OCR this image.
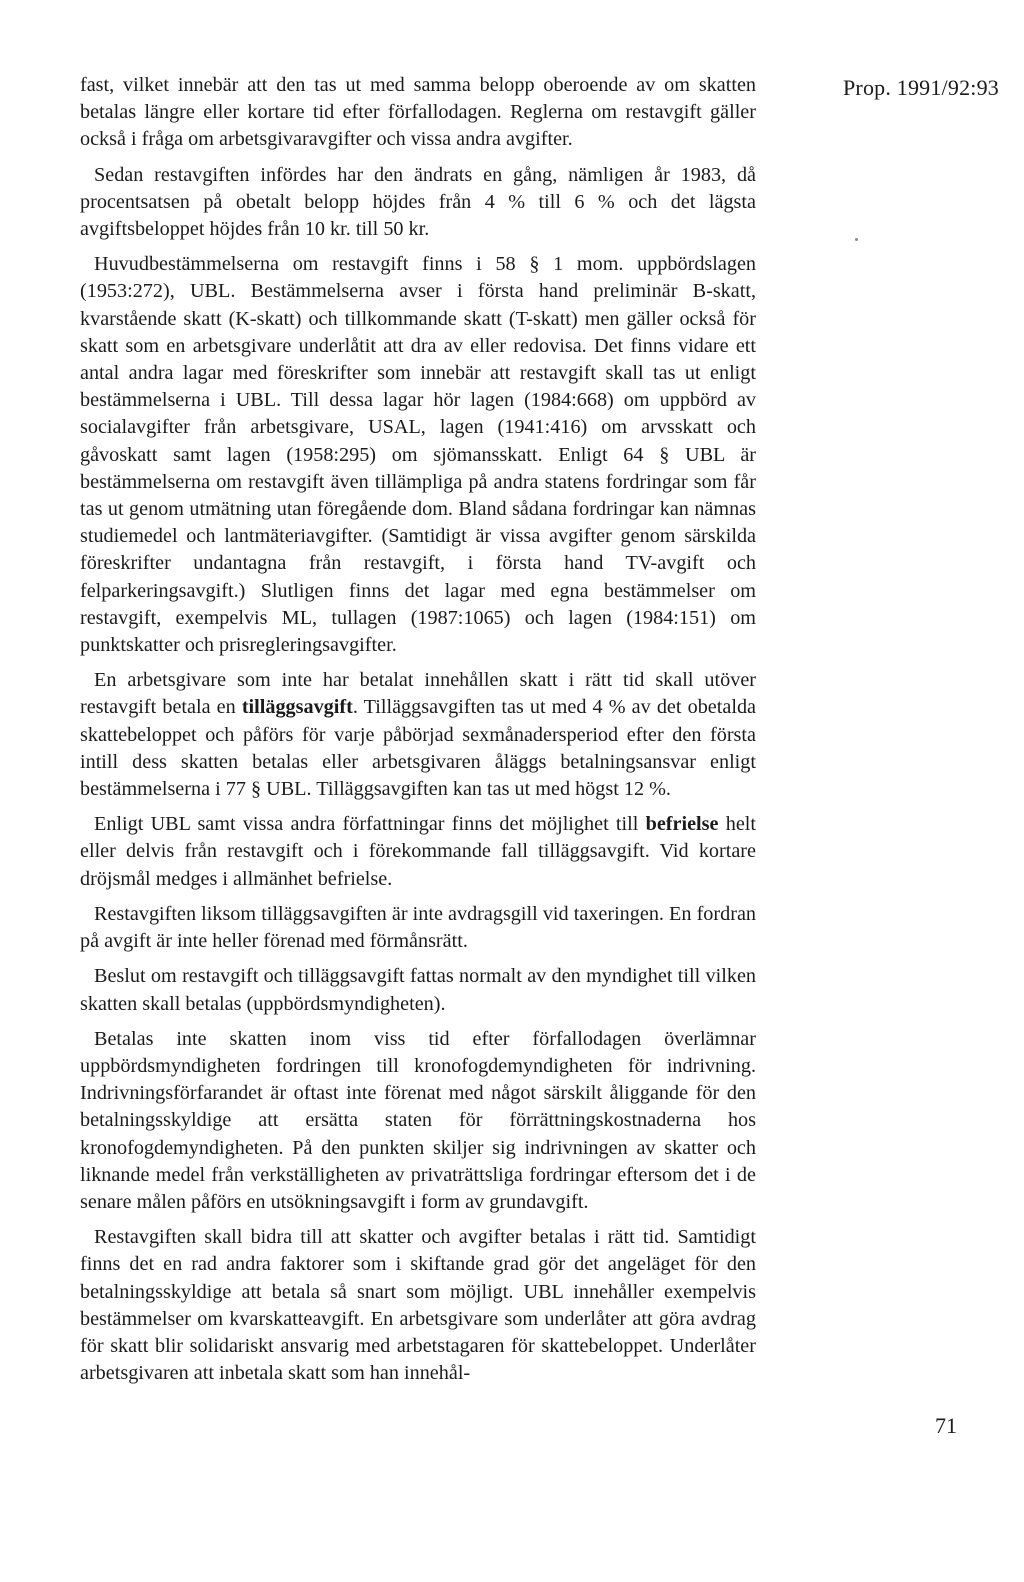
Prop. 1991/92:93

fast, vilket innebär att den tas ut med samma belopp oberoende av om skatten betalas längre eller kortare tid efter förfallodagen. Reglerna om restavgift gäller också i fråga om arbetsgivaravgifter och vissa andra avgifter.

Sedan restavgiften infördes har den ändrats en gång, nämligen år 1983, då procentsatsen på obetalt belopp höjdes från 4 % till 6 % och det lägsta avgiftsbeloppet höjdes från 10 kr. till 50 kr.

Huvudbestämmelserna om restavgift finns i 58 § 1 mom. uppbördslagen (1953:272), UBL. Bestämmelserna avser i första hand preliminär B-skatt, kvarstående skatt (K-skatt) och tillkommande skatt (T-skatt) men gäller också för skatt som en arbetsgivare underlåtit att dra av eller redovisa. Det finns vidare ett antal andra lagar med föreskrifter som innebär att restavgift skall tas ut enligt bestämmelserna i UBL. Till dessa lagar hör lagen (1984:668) om uppbörd av socialavgifter från arbetsgivare, USAL, lagen (1941:416) om arvsskatt och gåvoskatt samt lagen (1958:295) om sjömansskatt. Enligt 64 § UBL är bestämmelserna om restavgift även tillämpliga på andra statens fordringar som får tas ut genom utmätning utan föregående dom. Bland sådana fordringar kan nämnas studiemedel och lantmäteriavgifter. (Samtidigt är vissa avgifter genom särskilda föreskrifter undantagna från restavgift, i första hand TV-avgift och felparkeringsavgift.) Slutligen finns det lagar med egna bestämmelser om restavgift, exempelvis ML, tullagen (1987:1065) och lagen (1984:151) om punktskatter och prisregleringsavgifter.

En arbetsgivare som inte har betalat innehållen skatt i rätt tid skall utöver restavgift betala en tilläggsavgift. Tilläggsavgiften tas ut med 4 % av det obetalda skattebeloppet och påförs för varje påbörjad sexmånadersperiod efter den första intill dess skatten betalas eller arbetsgivaren åläggs betalningsansvar enligt bestämmelserna i 77 § UBL. Tilläggsavgiften kan tas ut med högst 12 %.

Enligt UBL samt vissa andra författningar finns det möjlighet till befrielse helt eller delvis från restavgift och i förekommande fall tilläggsavgift. Vid kortare dröjsmål medges i allmänhet befrielse.

Restavgiften liksom tilläggsavgiften är inte avdragsgill vid taxeringen. En fordran på avgift är inte heller förenad med förmånsrätt.

Beslut om restavgift och tilläggsavgift fattas normalt av den myndighet till vilken skatten skall betalas (uppbördsmyndigheten).

Betalas inte skatten inom viss tid efter förfallodagen överlämnar uppbördsmyndigheten fordringen till kronofogdemyndigheten för indrivning. Indrivningsförfarandet är oftast inte förenat med något särskilt åliggande för den betalningsskyldige att ersätta staten för förrättningskostnaderna hos kronofogdemyndigheten. På den punkten skiljer sig indrivningen av skatter och liknande medel från verkställigheten av privaträttsliga fordringar eftersom det i de senare målen påförs en utsökningsavgift i form av grundavgift.

Restavgiften skall bidra till att skatter och avgifter betalas i rätt tid. Samtidigt finns det en rad andra faktorer som i skiftande grad gör det angeläget för den betalningsskyldige att betala så snart som möjligt. UBL innehåller exempelvis bestämmelser om kvarskatteavgift. En arbetsgivare som underlåter att göra avdrag för skatt blir solidariskt ansvarig med arbetstagaren för skattebeloppet. Underlåter arbetsgivaren att inbetala skatt som han innehål-

71
